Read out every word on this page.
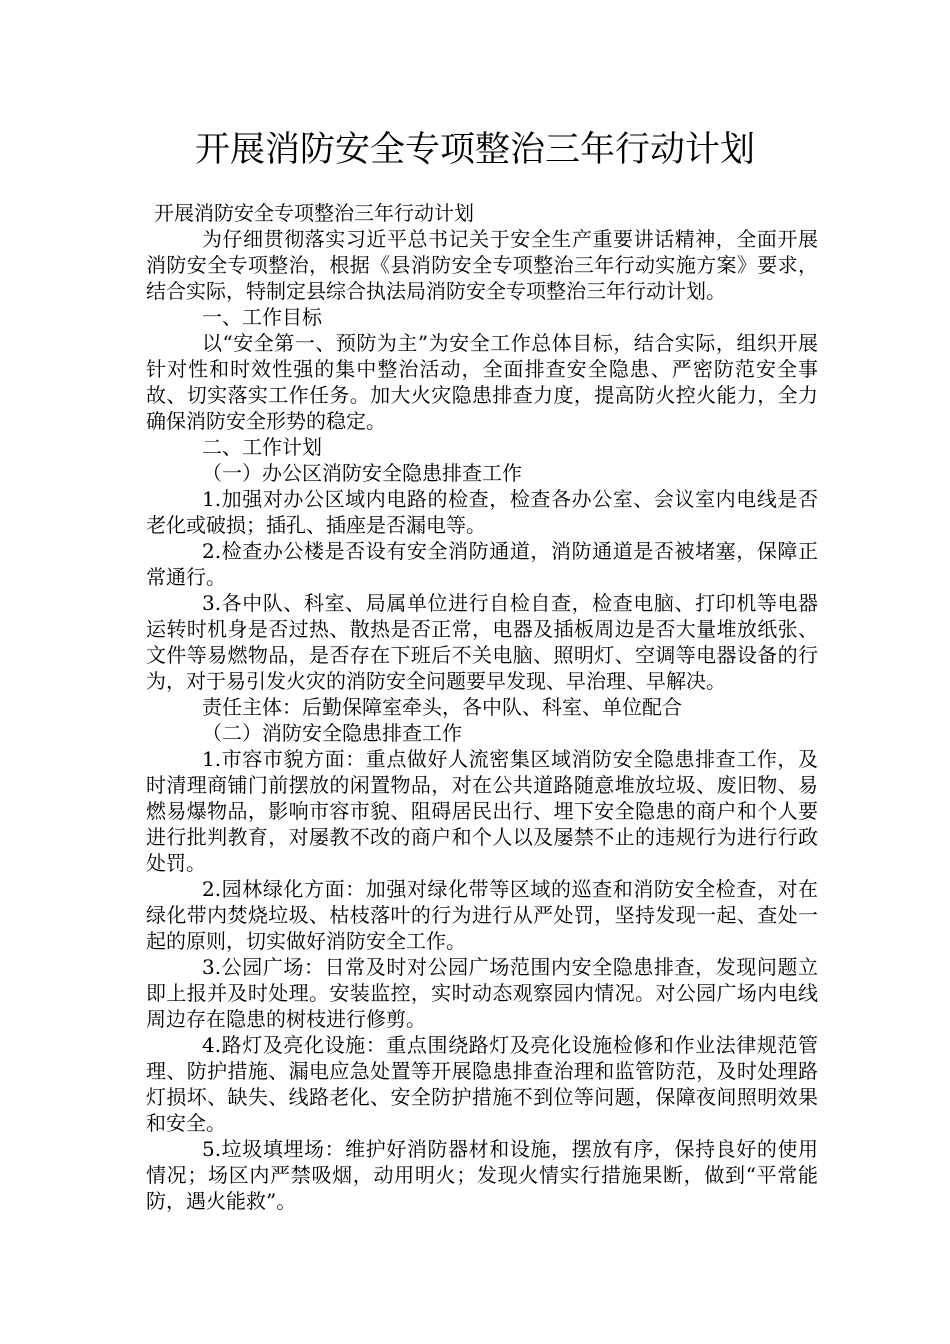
开展消防安全专项整治三年行动计划

开展消防安全专项整治三年行动计划

为仔细贯彻落实习近平总书记关于安全生产重要讲话精神，全面开展消防安全专项整治，根据《县消防安全专项整治三年行动实施方案》要求，结合实际，特制定县综合执法局消防安全专项整治三年行动计划。

一、工作目标

以“安全第一、预防为主”为安全工作总体目标，结合实际，组织开展针对性和时效性强的集中整治活动，全面排查安全隐患、严密防范安全事故、切实落实工作任务。加大火灾隐患排查力度，提高防火控火能力，全力确保消防安全形势的稳定。

二、工作计划

（一）办公区消防安全隐患排查工作

1.加强对办公区域内电路的检查，检查各办公室、会议室内电线是否老化或破损；插孔、插座是否漏电等。

2.检查办公楼是否设有安全消防通道，消防通道是否被堵塞，保障正常通行。

3.各中队、科室、局属单位进行自检自查，检查电脑、打印机等电器运转时机身是否过热、散热是否正常，电器及插板周边是否大量堆放纸张、文件等易燃物品，是否存在下班后不关电脑、照明灯、空调等电器设备的行为，对于易引发火灾的消防安全问题要早发现、早治理、早解决。

责任主体：后勤保障室牵头，各中队、科室、单位配合

（二）消防安全隐患排查工作

1.市容市貌方面：重点做好人流密集区域消防安全隐患排查工作，及时清理商铺门前摆放的闲置物品，对在公共道路随意堆放垃圾、废旧物、易燃易爆物品，影响市容市貌、阻碍居民出行、埋下安全隐患的商户和个人要进行批判教育，对屡教不改的商户和个人以及屡禁不止的违规行为进行行政处罚。

2.园林绿化方面：加强对绿化带等区域的巡查和消防安全检查，对在绿化带内焚烧垃圾、枯枝落叶的行为进行从严处罚，坚持发现一起、查处一起的原则，切实做好消防安全工作。

3.公园广场：日常及时对公园广场范围内安全隐患排查，发现问题立即上报并及时处理。安装监控，实时动态观察园内情况。对公园广场内电线周边存在隐患的树枝进行修剪。

4.路灯及亮化设施：重点围绕路灯及亮化设施检修和作业法律规范管理、防护措施、漏电应急处置等开展隐患排查治理和监管防范，及时处理路灯损坏、缺失、线路老化、安全防护措施不到位等问题，保障夜间照明效果和安全。

5.垃圾填埋场：维护好消防器材和设施，摆放有序，保持良好的使用情况；场区内严禁吸烟，动用明火；发现火情实行措施果断，做到“平常能防，遇火能救”。
